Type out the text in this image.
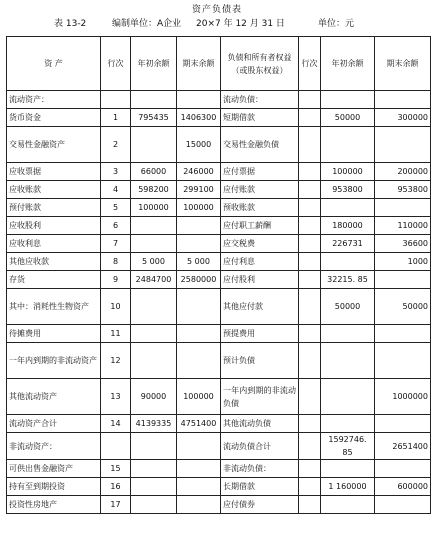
资产负债表
表 13-2	编制单位：A企业 20×7 年 12 月 31 日	单位：元
资 产	行次	年初余额	期末余额	负债和所有者权益（或股东权益）	行次	年初余额	期末余额
流动资产：				流动负债：			
货币资金	1	795435	1406300	短期借款		50000	300000
交易性金融资产	2		15000	交易性金融负债			
应收票据	3	66000	246000	应付票据		100000	200000
应收账款	4	598200	299100	应付账款		953800	953800
预付账款	5	100000	100000	预收账款			
应收股利	6			应付职工薪酬		180000	110000
应收利息	7			应交税费		226731	36600
其他应收款	8	5 000	5 000	应付利息			1000
存货	9	2484700	2580000	应付股利		32215. 85	
其中：消耗性生物资产	10			其他应付款		50000	50000
待摊费用	11			预提费用			
一年内到期的非流动资产	12			预计负债			
其他流动资产	13	90000	100000	一年内到期的非流动负债			1000000
流动资产合计	14	4139335	4751400	其他流动负债			
非流动资产：				流动负债合计		1592746. 85	2651400
可供出售金融资产	15			非流动负债：			
持有至到期投资	16			长期借款		1 160000	600000
投资性房地产	17			应付债券			
